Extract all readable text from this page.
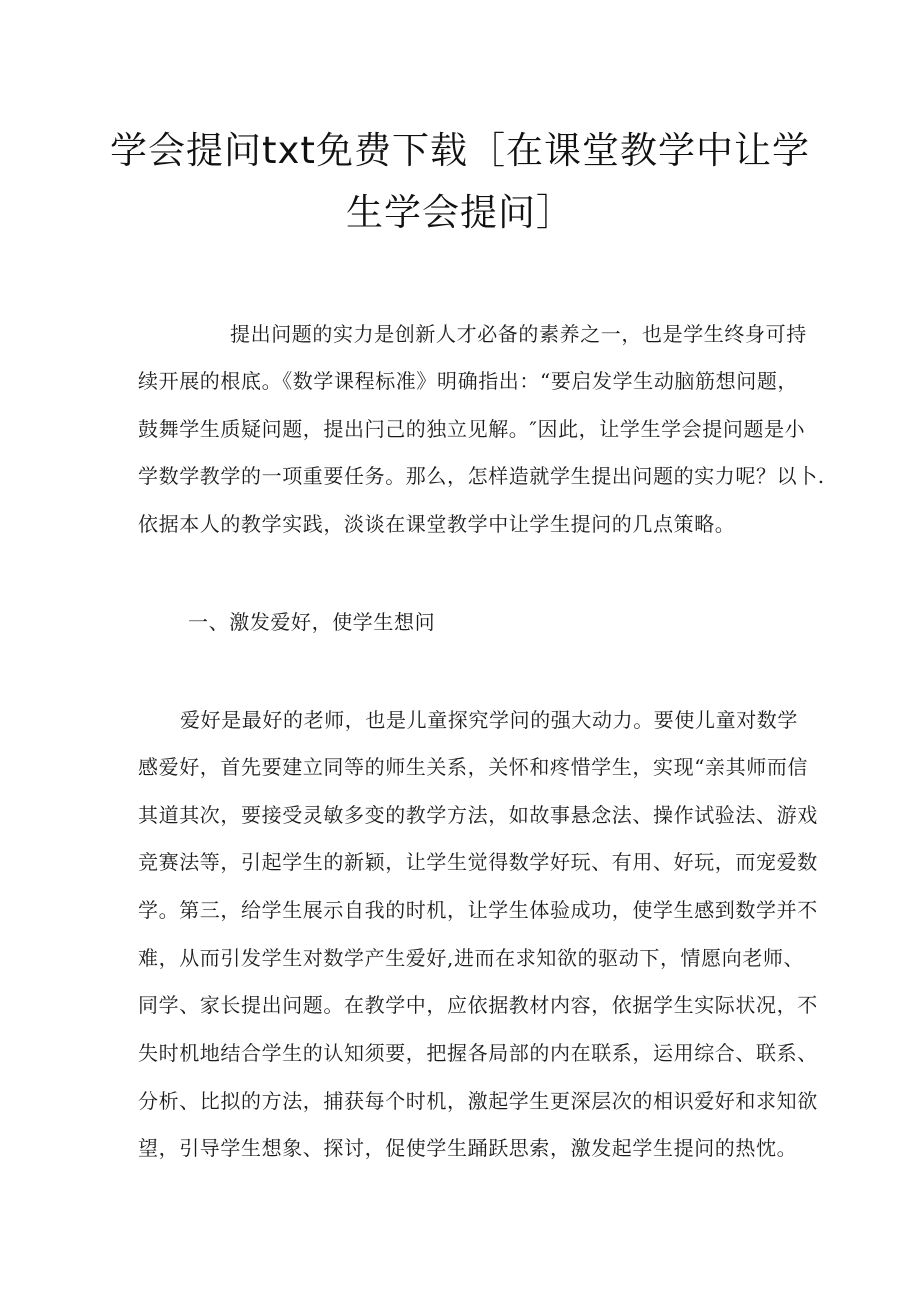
学会提问txt免费下载［在课堂教学中让学
生学会提问］
提出问题的实力是创新人才必备的素养之一，也是学生终身可持
续开展的根底。《数学课程标准》明确指出：“要启发学生动脑筋想问题，
鼓舞学生质疑问题，提出闩己的独立见解。″因此，让学生学会提问题是小
学数学教学的一项重要任务。那么，怎样造就学生提出问题的实力呢？以卜.
依据本人的教学实践，淡谈在课堂教学中让学生提问的几点策略。
一、激发爱好，使学生想问
爱好是最好的老师，也是儿童探究学问的强大动力。要使儿童对数学
感爱好，首先要建立同等的师生关系，关怀和疼惜学生，实现“亲其师而信
其道其次，要接受灵敏多变的教学方法，如故事悬念法、操作试验法、游戏
竞赛法等，引起学生的新颖，让学生觉得数学好玩、有用、好玩，而宠爱数
学。第三，给学生展示自我的时机，让学生体验成功，使学生感到数学并不
难，从而引发学生对数学产生爱好,进而在求知欲的驱动下，情愿向老师、
同学、家长提出问题。在教学中，应依据教材内容，依据学生实际状况，不
失时机地结合学生的认知须要，把握各局部的内在联系，运用综合、联系、
分析、比拟的方法，捕获每个时机，激起学生更深层次的相识爱好和求知欲
望，引导学生想象、探讨，促使学生踊跃思索，激发起学生提问的热忱。
